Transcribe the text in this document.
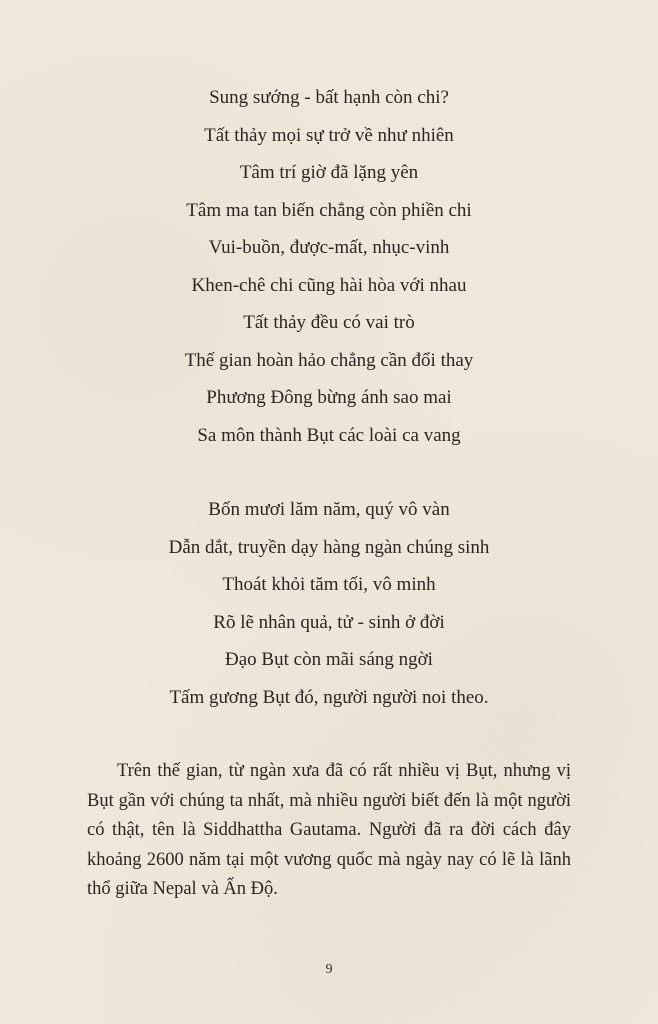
Sung sướng - bất hạnh còn chi?
Tất thảy mọi sự trở về như nhiên
Tâm trí giờ đã lặng yên
Tâm ma tan biến chẳng còn phiền chi
Vui-buồn, được-mất, nhục-vinh
Khen-chê chi cũng hài hòa với nhau
Tất thảy đều có vai trò
Thế gian hoàn hảo chẳng cần đổi thay
Phương Đông bừng ánh sao mai
Sa môn thành Bụt các loài ca vang
Bốn mươi lăm năm, quý vô vàn
Dẫn dắt, truyền dạy hàng ngàn chúng sinh
Thoát khỏi tăm tối, vô minh
Rõ lẽ nhân quả, tử - sinh ở đời
Đạo Bụt còn mãi sáng ngời
Tấm gương Bụt đó, người người noi theo.

Trên thế gian, từ ngàn xưa đã có rất nhiều vị Bụt, nhưng vị Bụt gần với chúng ta nhất, mà nhiều người biết đến là một người có thật, tên là Siddhattha Gautama. Người đã ra đời cách đây khoảng 2600 năm tại một vương quốc mà ngày nay có lẽ là lãnh thổ giữa Nepal và Ấn Độ.

9
